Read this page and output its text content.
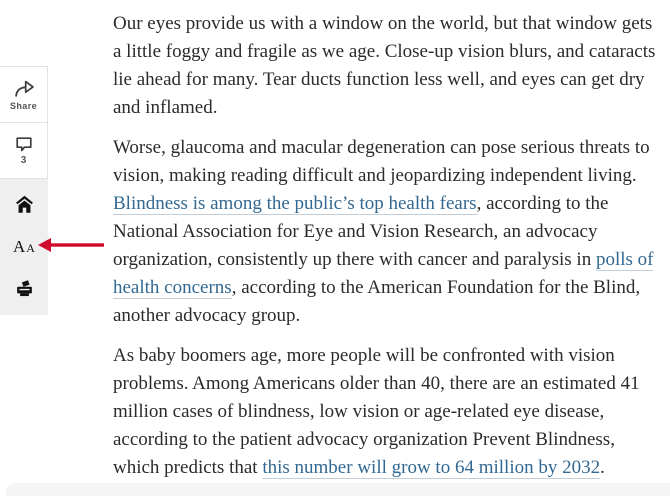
Share
3
A A

Our eyes provide us with a window on the world, but that window gets a little foggy and fragile as we age. Close-up vision blurs, and cataracts lie ahead for many. Tear ducts function less well, and eyes can get dry and inflamed.

Worse, glaucoma and macular degeneration can pose serious threats to vision, making reading difficult and jeopardizing independent living. Blindness is among the public’s top health fears, according to the National Association for Eye and Vision Research, an advocacy organization, consistently up there with cancer and paralysis in polls of health concerns, according to the American Foundation for the Blind, another advocacy group.

As baby boomers age, more people will be confronted with vision problems. Among Americans older than 40, there are an estimated 41 million cases of blindness, low vision or age-related eye disease, according to the patient advocacy organization Prevent Blindness, which predicts that this number will grow to 64 million by 2032.
